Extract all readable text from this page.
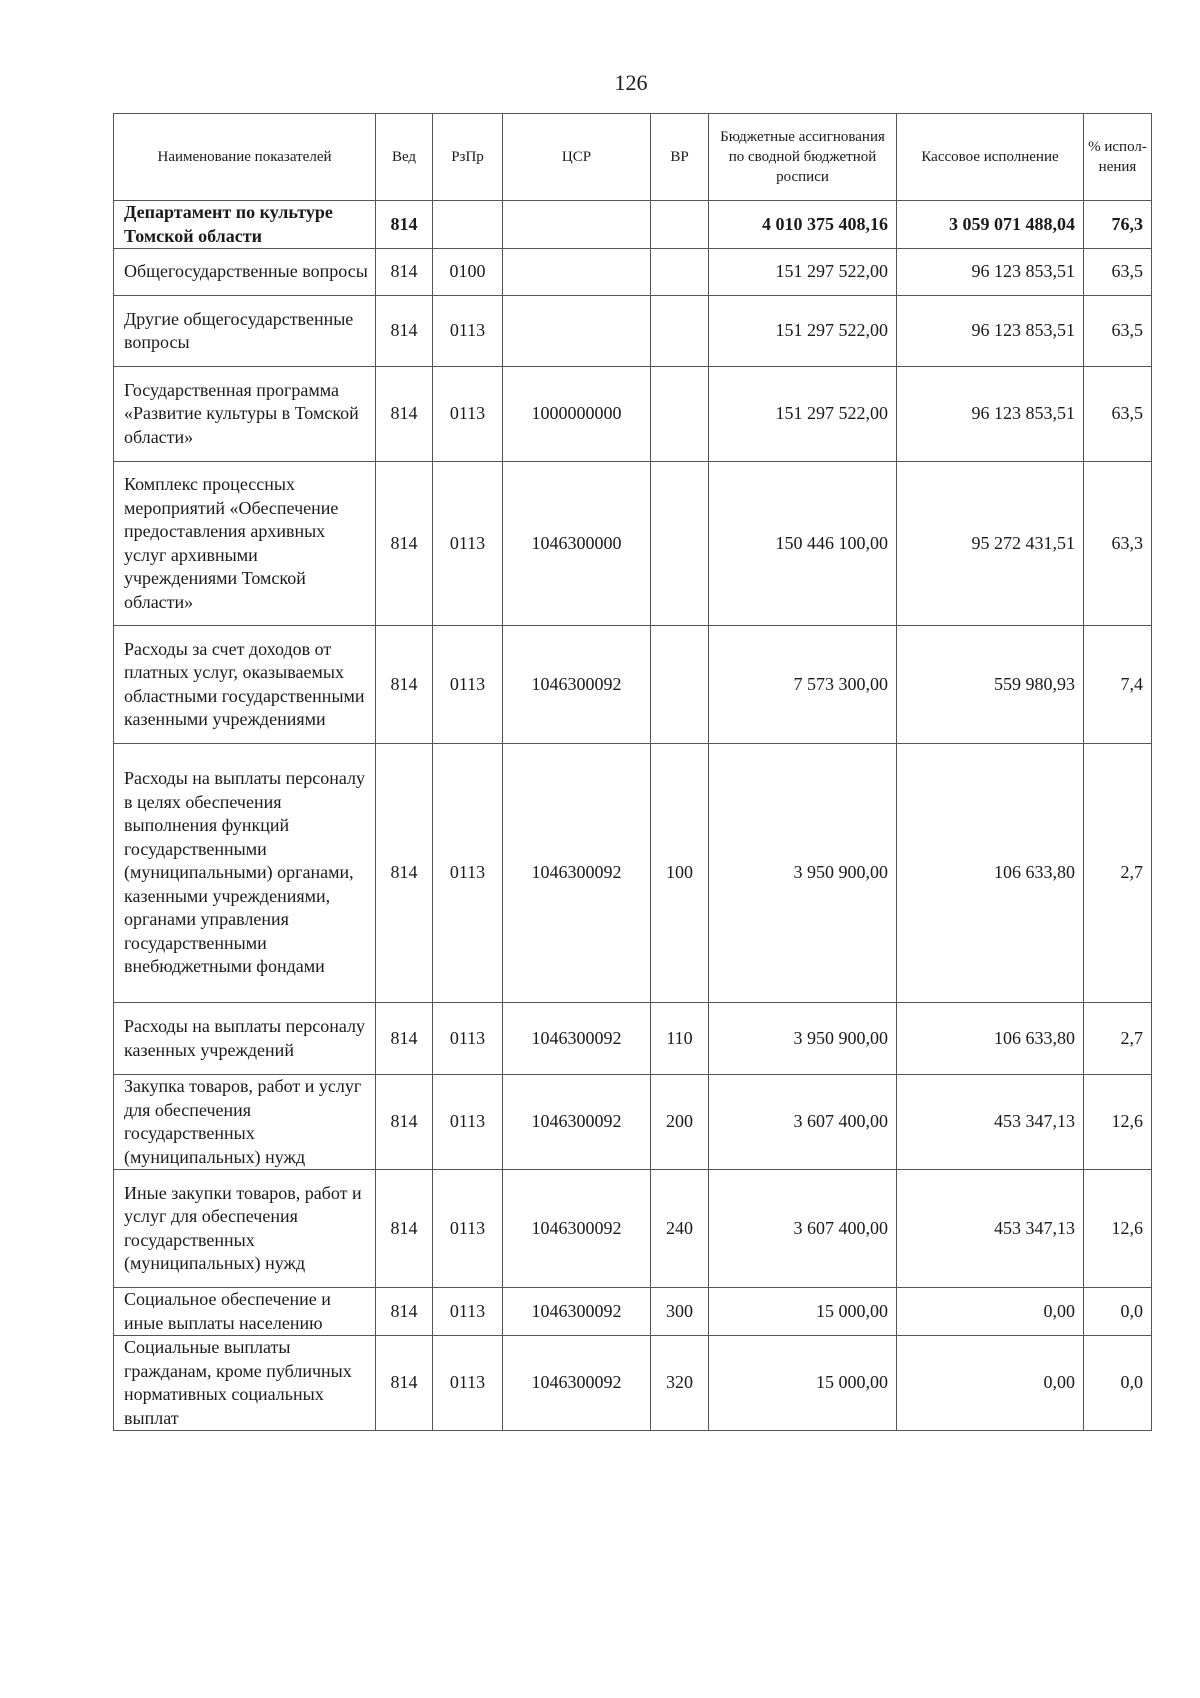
126
Наименование показателей	Вед	РзПр	ЦСР	ВР	Бюджетные ассигнования по сводной бюджетной росписи	Кассовое исполнение	% испол-нения
Департамент по культуре Томской области	814				4 010 375 408,16	3 059 071 488,04	76,3
Общегосударственные вопросы	814	0100			151 297 522,00	96 123 853,51	63,5
Другие общегосударственные вопросы	814	0113			151 297 522,00	96 123 853,51	63,5
Государственная программа «Развитие культуры в Томской области»	814	0113	1000000000		151 297 522,00	96 123 853,51	63,5
Комплекс процессных мероприятий «Обеспечение предоставления архивных услуг архивными учреждениями Томской области»	814	0113	1046300000		150 446 100,00	95 272 431,51	63,3
Расходы за счет доходов от платных услуг, оказываемых областными государственными казенными учреждениями	814	0113	1046300092		7 573 300,00	559 980,93	7,4
Расходы на выплаты персоналу в целях обеспечения выполнения функций государственными (муниципальными) органами, казенными учреждениями, органами управления государственными внебюджетными фондами	814	0113	1046300092	100	3 950 900,00	106 633,80	2,7
Расходы на выплаты персоналу казенных учреждений	814	0113	1046300092	110	3 950 900,00	106 633,80	2,7
Закупка товаров, работ и услуг для обеспечения государственных (муниципальных) нужд	814	0113	1046300092	200	3 607 400,00	453 347,13	12,6
Иные закупки товаров, работ и услуг для обеспечения государственных (муниципальных) нужд	814	0113	1046300092	240	3 607 400,00	453 347,13	12,6
Социальное обеспечение и иные выплаты населению	814	0113	1046300092	300	15 000,00	0,00	0,0
Социальные выплаты гражданам, кроме публичных нормативных социальных выплат	814	0113	1046300092	320	15 000,00	0,00	0,0
